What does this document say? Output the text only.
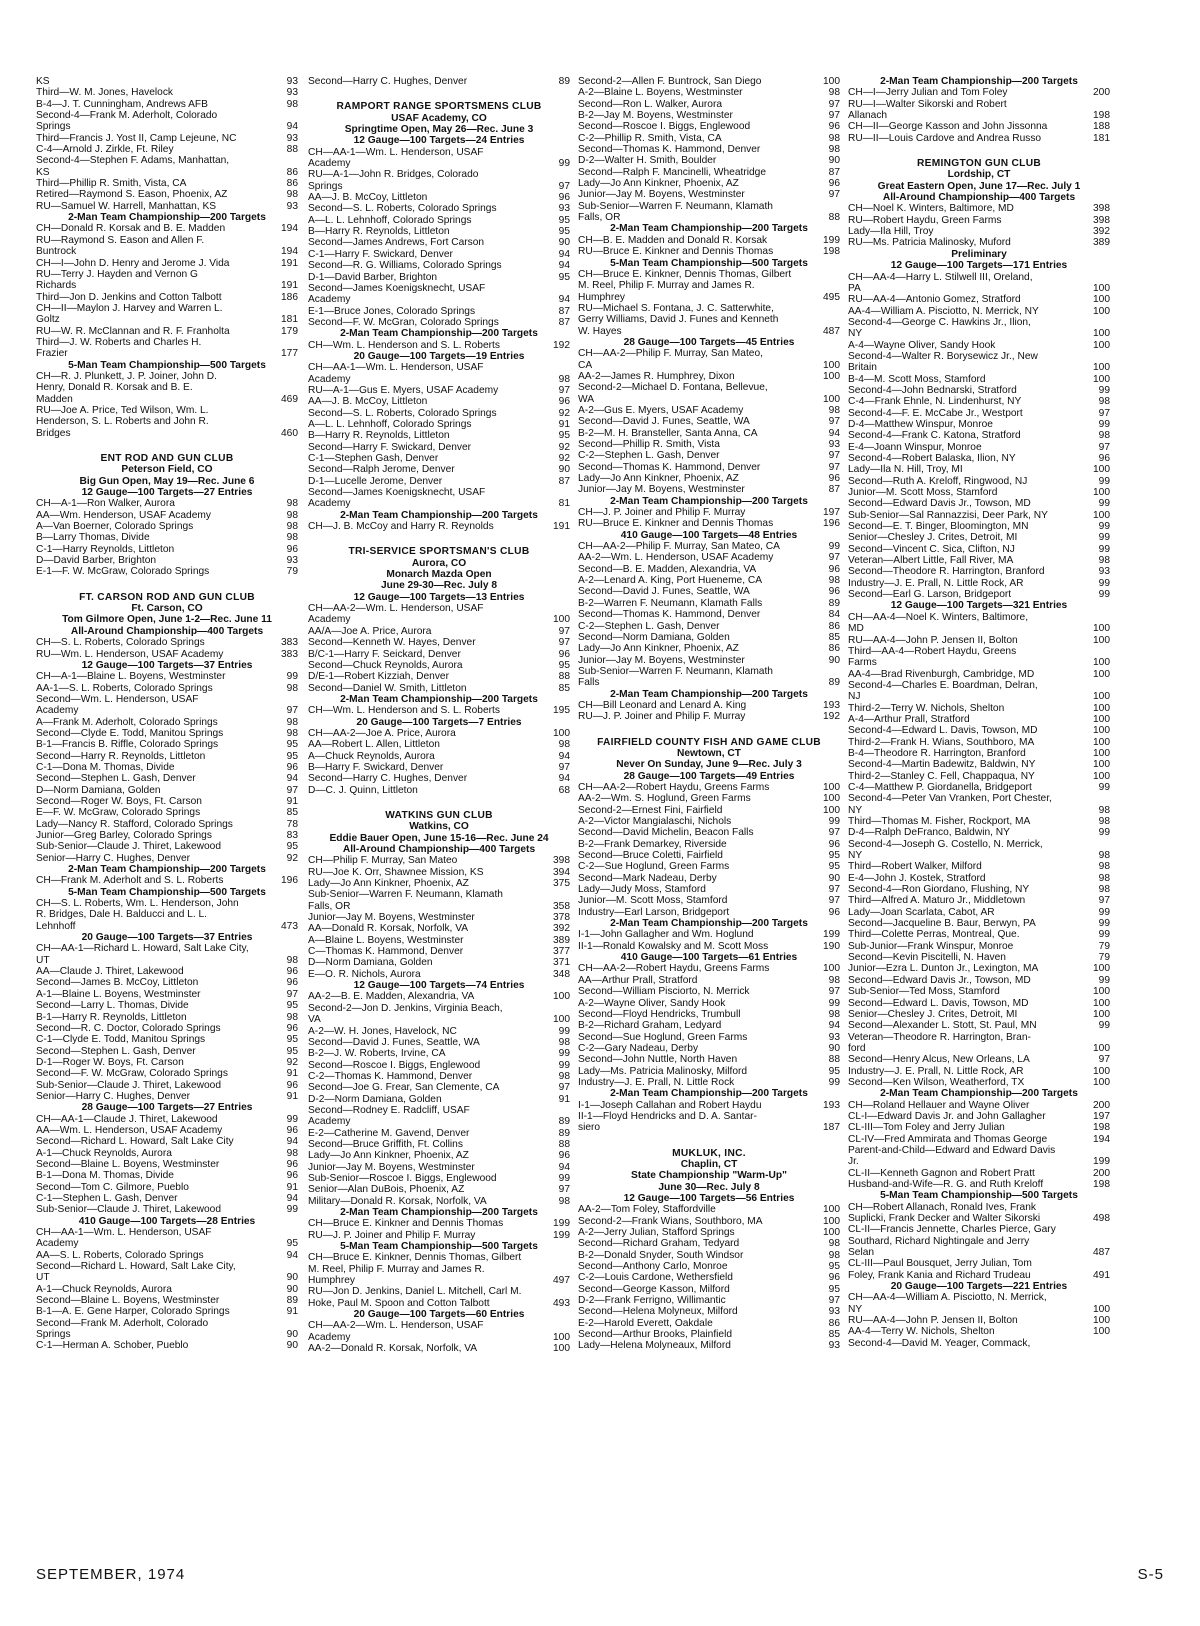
KS	93
Third—W. M. Jones, Havelock	93
B-4—J. T. Cunningham, Andrews AFB	98
Second-4—Frank M. Aderholt, Colorado
Springs	94
Third—Francis J. Yost II, Camp Lejeune, NC	93
C-4—Arnold J. Zirkle, Ft. Riley	88
Second-4—Stephen F. Adams, Manhattan,
KS	86
Third—Phillip R. Smith, Vista, CA	86
Retired—Raymond S. Eason, Phoenix, AZ	98
RU—Samuel W. Harrell, Manhattan, KS	93
2-Man Team Championship—200 Targets
CH—Donald R. Korsak and B. E. Madden	194
RU—Raymond S. Eason and Allen F.
Buntrock	194
CH—I—John D. Henry and Jerome J. Vida	191
RU—Terry J. Hayden and Vernon G
Richards	191
Third—Jon D. Jenkins and Cotton Talbott	186
CH—II—Maylon J. Harvey and Warren L.
Goltz	181
RU—W. R. McClannan and R. F. Franholta	179
Third—J. W. Roberts and Charles H.
Frazier	177
5-Man Team Championship—500 Targets
CH—R. J. Plunkett, J. P. Joiner, John D.
Henry, Donald R. Korsak and B. E.
Madden	469
RU—Joe A. Price, Ted Wilson, Wm. L.
Henderson, S. L. Roberts and John R.
Bridges	460
ENT ROD AND GUN CLUB
Peterson Field, CO
Big Gun Open, May 19—Rec. June 6
12 Gauge—100 Targets—27 Entries
CH—A-1—Ron Walker, Aurora	98
AA—Wm. Henderson, USAF Academy	98
A—Van Boerner, Colorado Springs	98
B—Larry Thomas, Divide	98
C-1—Harry Reynolds, Littleton	96
D—David Barber, Brighton	93
E-1—F. W. McGraw, Colorado Springs	79
FT. CARSON ROD AND GUN CLUB
Ft. Carson, CO
Tom Gilmore Open, June 1-2—Rec. June 11
All-Around Championship—400 Targets
CH—S. L. Roberts, Colorado Springs	383
RU—Wm. L. Henderson, USAF Academy	383
12 Gauge—100 Targets—37 Entries
CH—A-1—Blaine L. Boyens, Westminster	99
AA-1—S. L. Roberts, Colorado Springs	98
Second—Wm. L. Henderson, USAF
Academy	97
A—Frank M. Aderholt, Colorado Springs	98
Second—Clyde E. Todd, Manitou Springs	98
B-1—Francis B. Riffle, Colorado Springs	95
Second—Harry R. Reynolds, Littleton	95
C-1—Dona M. Thomas, Divide	96
Second—Stephen L. Gash, Denver	94
D—Norm Damiana, Golden	97
Second—Roger W. Boys, Ft. Carson	91
E—F. W. McGraw, Colorado Springs	85
Lady—Nancy R. Stafford, Colorado Springs	78
Junior—Greg Barley, Colorado Springs	83
Sub-Senior—Claude J. Thiret, Lakewood	95
Senior—Harry C. Hughes, Denver	92
2-Man Team Championship—200 Targets
CH—Frank M. Aderholt and S. L. Roberts	196
5-Man Team Championship—500 Targets
CH—S. L. Roberts, Wm. L. Henderson, John
R. Bridges, Dale H. Balducci and L. L.
Lehnhoff	473
20 Gauge—100 Targets—37 Entries
CH—AA-1—Richard L. Howard, Salt Lake City,
UT	98
AA—Claude J. Thiret, Lakewood	96
Second—James B. McCoy, Littleton	96
A-1—Blaine L. Boyens, Westminster	97
Second—Larry L. Thomas, Divide	95
B-1—Harry R. Reynolds, Littleton	98
Second—R. C. Doctor, Colorado Springs	96
C-1—Clyde E. Todd, Manitou Springs	95
Second—Stephen L. Gash, Denver	95
D-1—Roger W. Boys, Ft. Carson	92
Second—F. W. McGraw, Colorado Springs	91
Sub-Senior—Claude J. Thiret, Lakewood	96
Senior—Harry C. Hughes, Denver	91
28 Gauge—100 Targets—27 Entries
CH—AA-1—Claude J. Thiret, Lakewood	99
AA—Wm. L. Henderson, USAF Academy	96
Second—Richard L. Howard, Salt Lake City	94
A-1—Chuck Reynolds, Aurora	98
Second—Blaine L. Boyens, Westminster	96
B-1—Dona M. Thomas, Divide	96
Second—Tom C. Gilmore, Pueblo	91
C-1—Stephen L. Gash, Denver	94
Sub-Senior—Claude J. Thiret, Lakewood	99
410 Gauge—100 Targets—28 Entries
CH—AA-1—Wm. L. Henderson, USAF
Academy	95
AA—S. L. Roberts, Colorado Springs	94
Second—Richard L. Howard, Salt Lake City,
UT	90
A-1—Chuck Reynolds, Aurora	90
Second—Blaine L. Boyens, Westminster	89
B-1—A. E. Gene Harper, Colorado Springs	91
Second—Frank M. Aderholt, Colorado
Springs	90
C-1—Herman A. Schober, Pueblo	90
Second—Harry C. Hughes, Denver	89
RAMPORT RANGE SPORTSMENS CLUB
USAF Academy, CO
Springtime Open, May 26—Rec. June 3
12 Gauge—100 Targets—24 Entries
CH—AA-1—Wm. L. Henderson, USAF
Academy	99
RU—A-1—John R. Bridges, Colorado
Springs	97
AA—J. B. McCoy, Littleton	96
Second—S. L. Roberts, Colorado Springs	93
A—L. L. Lehnhoff, Colorado Springs	95
B—Harry R. Reynolds, Littleton	95
Second—James Andrews, Fort Carson	90
C-1—Harry F. Swickard, Denver	94
Second—R. G. Williams, Colorado Springs	94
D-1—David Barber, Brighton	95
Second—James Koenigsknecht, USAF
Academy	94
E-1—Bruce Jones, Colorado Springs	87
Second—F. W. McGran, Colorado Springs	87
2-Man Team Championship—200 Targets
CH—Wm. L. Henderson and S. L. Roberts	192
20 Gauge—100 Targets—19 Entries
CH—AA-1—Wm. L. Henderson, USAF
Academy	98
RU—A-1—Gus E. Myers, USAF Academy	97
AA—J. B. McCoy, Littleton	96
Second—S. L. Roberts, Colorado Springs	92
A—L. L. Lehnhoff, Colorado Springs	91
B—Harry R. Reynolds, Littleton	95
Second—Harry F. Swickard, Denver	92
C-1—Stephen Gash, Denver	92
Second—Ralph Jerome, Denver	90
D-1—Lucelle Jerome, Denver	87
Second—James Koenigsknecht, USAF
Academy	81
2-Man Team Championship—200 Targets
CH—J. B. McCoy and Harry R. Reynolds	191
TRI-SERVICE SPORTSMAN'S CLUB
Aurora, CO
Monarch Mazda Open
June 29-30—Rec. July 8
12 Gauge—100 Targets—13 Entries
CH—AA-2—Wm. L. Henderson, USAF
Academy	100
AA/A—Joe A. Price, Aurora	97
Second—Kenneth W. Hayes, Denver	97
B/C-1—Harry F. Seickard, Denver	96
Second—Chuck Reynolds, Aurora	95
D/E-1—Robert Kizziah, Denver	88
Second—Daniel W. Smith, Littleton	85
2-Man Team Championship—200 Targets
CH—Wm. L. Henderson and S. L. Roberts	195
20 Gauge—100 Targets—7 Entries
CH—AA-2—Joe A. Price, Aurora	100
AA—Robert L. Allen, Littleton	98
A—Chuck Reynolds, Aurora	94
B—Harry F. Swickard, Denver	97
Second—Harry C. Hughes, Denver	94
D—C. J. Quinn, Littleton	68
WATKINS GUN CLUB
Watkins, CO
Eddie Bauer Open, June 15-16—Rec. June 24
All-Around Championship—400 Targets
CH—Philip F. Murray, San Mateo	398
RU—Joe K. Orr, Shawnee Mission, KS	394
Lady—Jo Ann Kinkner, Phoenix, AZ	375
Sub-Senior—Warren F. Neumann, Klamath
Falls, OR	358
Junior—Jay M. Boyens, Westminster	378
AA—Donald R. Korsak, Norfolk, VA	392
A—Blaine L. Boyens, Westminster	389
C—Thomas K. Hammond, Denver	377
D—Norm Damiana, Golden	371
E—O. R. Nichols, Aurora	348
12 Gauge—100 Targets—74 Entries
AA-2—B. E. Madden, Alexandria, VA	100
Second-2—Jon D. Jenkins, Virginia Beach,
VA	100
A-2—W. H. Jones, Havelock, NC	99
Second—David J. Funes, Seattle, WA	98
B-2—J. W. Roberts, Irvine, CA	99
Second—Roscoe I. Biggs, Englewood	99
C-2—Thomas K. Hammond, Denver	98
Second—Joe G. Frear, San Clemente, CA	97
D-2—Norm Damiana, Golden	91
Second—Rodney E. Radcliff, USAF
Academy	89
E-2—Catherine M. Gavend, Denver	89
Second—Bruce Griffith, Ft. Collins	88
Lady—Jo Ann Kinkner, Phoenix, AZ	96
Junior—Jay M. Boyens, Westminster	94
Sub-Senior—Roscoe I. Biggs, Englewood	99
Senior—Alan DuBois, Phoenix, AZ	97
Military—Donald R. Korsak, Norfolk, VA	98
2-Man Team Championship—200 Targets
CH—Bruce E. Kinkner and Dennis Thomas	199
RU—J. P. Joiner and Philip F. Murray	199
5-Man Team Championship—500 Targets
CH—Bruce E. Kinkner, Dennis Thomas, Gilbert
M. Reel, Philip F. Murray and James R.
Humphrey	497
RU—Jon D. Jenkins, Daniel L. Mitchell, Carl M.
Hoke, Paul M. Spoon and Cotton Talbott	493
20 Gauge—100 Targets—60 Entries
CH—AA-2—Wm. L. Henderson, USAF
Academy	100
AA-2—Donald R. Korsak, Norfolk, VA	100
Second-2—Allen F. Buntrock, San Diego	100
A-2—Blaine L. Boyens, Westminster	98
Second—Ron L. Walker, Aurora	97
B-2—Jay M. Boyens, Westminster	97
Second—Roscoe I. Biggs, Englewood	96
C-2—Phillip R. Smith, Vista, CA	98
Second—Thomas K. Hammond, Denver	98
D-2—Walter H. Smith, Boulder	90
Second—Ralph F. Mancinelli, Wheatridge	87
Lady—Jo Ann Kinkner, Phoenix, AZ	96
Junior—Jay M. Boyens, Westminster	97
Sub-Senior—Warren F. Neumann, Klamath
Falls, OR	88
2-Man Team Championship—200 Targets
CH—B. E. Madden and Donald R. Korsak	199
RU—Bruce E. Kinkner and Dennis Thomas	198
5-Man Team Championship—500 Targets
CH—Bruce E. Kinkner, Dennis Thomas, Gilbert
M. Reel, Philip F. Murray and James R.
Humphrey	495
RU—Michael S. Fontana, J. C. Satterwhite,
Gerry Williams, David J. Funes and Kenneth
W. Hayes	487
28 Gauge—100 Targets—45 Entries
CH—AA-2—Philip F. Murray, San Mateo,
CA	100
AA-2—James R. Humphrey, Dixon	100
Second-2—Michael D. Fontana, Bellevue,
WA	100
A-2—Gus E. Myers, USAF Academy	98
Second—David J. Funes, Seattle, WA	97
B-2—M. H. Bransteller, Santa Anna, CA	94
Second—Phillip R. Smith, Vista	93
C-2—Stephen L. Gash, Denver	97
Second—Thomas K. Hammond, Denver	97
Lady—Jo Ann Kinkner, Phoenix, AZ	96
Junior—Jay M. Boyens, Westminster	87
2-Man Team Championship—200 Targets
CH—J. P. Joiner and Philip F. Murray	197
RU—Bruce E. Kinkner and Dennis Thomas	196
410 Gauge—100 Targets—48 Entries
CH—AA-2—Philip F. Murray, San Mateo, CA	99
AA-2—Wm. L. Henderson, USAF Academy	97
Second—B. E. Madden, Alexandria, VA	96
A-2—Lenard A. King, Port Hueneme, CA	98
Second—David J. Funes, Seattle, WA	96
B-2—Warren F. Neumann, Klamath Falls	89
Second—Thomas K. Hammond, Denver	84
C-2—Stephen L. Gash, Denver	86
Second—Norm Damiana, Golden	85
Lady—Jo Ann Kinkner, Phoenix, AZ	86
Junior—Jay M. Boyens, Westminster	90
Sub-Senior—Warren F. Neumann, Klamath
Falls	89
2-Man Team Championship—200 Targets
CH—Bill Leonard and Lenard A. King	193
RU—J. P. Joiner and Philip F. Murray	192
FAIRFIELD COUNTY FISH AND GAME CLUB
Newtown, CT
Never On Sunday, June 9—Rec. July 3
28 Gauge—100 Targets—49 Entries
CH—AA-2—Robert Haydu, Greens Farms	100
AA-2—Wm. S. Hoglund, Green Farms	100
Second-2—Ernest Fini, Fairfield	100
A-2—Victor Mangialaschi, Nichols	99
Second—David Michelin, Beacon Falls	97
B-2—Frank Demarkey, Riverside	96
Second—Bruce Coletti, Fairfield	95
C-2—Sue Hoglund, Green Farms	95
Second—Mark Nadeau, Derby	90
Lady—Judy Moss, Stamford	97
Junior—M. Scott Moss, Stamford	97
Industry—Earl Larson, Bridgeport	96
2-Man Team Championship—200 Targets
I-1—John Gallagher and Wm. Hoglund	199
II-1—Ronald Kowalsky and M. Scott Moss	190
410 Gauge—100 Targets—61 Entries
CH—AA-2—Robert Haydu, Greens Farms	100
AA—Arthur Prall, Stratford	98
Second—William Pisciorto, N. Merrick	97
A-2—Wayne Oliver, Sandy Hook	99
Second—Floyd Hendricks, Trumbull	98
B-2—Richard Graham, Ledyard	94
Second—Sue Hoglund, Green Farms	93
C-2—Gary Nadeau, Derby	90
Second—John Nuttle, North Haven	88
Lady—Ms. Patricia Malinosky, Milford	95
Industry—J. E. Prall, N. Little Rock	99
2-Man Team Championship—200 Targets
I-1—Joseph Callahan and Robert Haydu	193
II-1—Floyd Hendricks and D. A. Santar-
siero	187
MUKLUK, INC.
Chaplin, CT
State Championship "Warm-Up"
June 30—Rec. July 8
12 Gauge—100 Targets—56 Entries
AA-2—Tom Foley, Staffordville	100
Second-2—Frank Wians, Southboro, MA	100
A-2—Jerry Julian, Stafford Springs	100
Second—Richard Graham, Tedyard	98
B-2—Donald Snyder, South Windsor	98
Second—Anthony Carlo, Monroe	95
C-2—Louis Cardone, Wethersfield	96
Second—George Kasson, Milford	95
D-2—Frank Ferrigno, Willimantic	97
Second—Helena Molyneux, Milford	93
E-2—Harold Everett, Oakdale	86
Second—Arthur Brooks, Plainfield	85
Lady—Helena Molyneaux, Milford	93
2-Man Team Championship—200 Targets
CH—I—Jerry Julian and Tom Foley	200
RU—I—Walter Sikorski and Robert
Allanach	198
CH—II—George Kasson and John Jissonna	188
RU—II—Louis Cardove and Andrea Russo	181
REMINGTON GUN CLUB
Lordship, CT
Great Eastern Open, June 17—Rec. July 1
All-Around Championship—400 Targets
CH—Noel K. Winters, Baltimore, MD	398
RU—Robert Haydu, Green Farms	398
Lady—Ila Hill, Troy	392
RU—Ms. Patricia Malinosky, Muford	389
Preliminary
12 Gauge—100 Targets—171 Entries
CH—AA-4—Harry L. Stilwell III, Oreland,
PA	100
RU—AA-4—Antonio Gomez, Stratford	100
AA-4—William A. Pisciotto, N. Merrick, NY	100
Second-4—George C. Hawkins Jr., Ilion,
NY	100
A-4—Wayne Oliver, Sandy Hook	100
Second-4—Walter R. Borysewicz Jr., New
Britain	100
B-4—M. Scott Moss, Stamford	100
Second-4—John Bednarski, Stratford	99
C-4—Frank Ehnle, N. Lindenhurst, NY	98
Second-4—F. E. McCabe Jr., Westport	97
D-4—Matthew Winspur, Monroe	99
Second-4—Frank C. Katona, Stratford	98
E-4—Joann Winspur, Monroe	97
Second-4—Robert Balaska, Ilion, NY	96
Lady—Ila N. Hill, Troy, MI	100
Second—Ruth A. Kreloff, Ringwood, NJ	99
Junior—M. Scott Moss, Stamford	100
Second—Edward Davis Jr., Towson, MD	99
Sub-Senior—Sal Rannazzisi, Deer Park, NY	100
Second—E. T. Binger, Bloomington, MN	99
Senior—Chesley J. Crites, Detroit, MI	99
Second—Vincent C. Sica, Clifton, NJ	99
Veteran—Albert Little, Fall River, MA	98
Second—Theodore R. Harrington, Branford	93
Industry—J. E. Prall, N. Little Rock, AR	99
Second—Earl G. Larson, Bridgeport	99
12 Gauge—100 Targets—321 Entries
CH—AA-4—Noel K. Winters, Baltimore,
MD	100
RU—AA-4—John P. Jensen II, Bolton	100
Third—AA-4—Robert Haydu, Greens
Farms	100
AA-4—Brad Rivenburgh, Cambridge, MD	100
Second-4—Charles E. Boardman, Delran,
NJ	100
Third-2—Terry W. Nichols, Shelton	100
A-4—Arthur Prall, Stratford	100
Second-4—Edward L. Davis, Towson, MD	100
Third-2—Frank H. Wians, Southboro, MA	100
B-4—Theodore R. Harrington, Branford	100
Second-4—Martin Badewitz, Baldwin, NY	100
Third-2—Stanley C. Fell, Chappaqua, NY	100
C-4—Matthew P. Giordanella, Bridgeport	99
Second-4—Peter Van Vranken, Port Chester,
NY	98
Third—Thomas M. Fisher, Rockport, MA	98
D-4—Ralph DeFranco, Baldwin, NY	99
Second-4—Joseph G. Costello, N. Merrick,
NY	98
Third—Robert Walker, Milford	98
E-4—John J. Kostek, Stratford	98
Second-4—Ron Giordano, Flushing, NY	98
Third—Alfred A. Maturo Jr., Middletown	97
Lady—Joan Scarlata, Cabot, AR	99
Second—Jacqueline B. Baur, Berwyn, PA	99
Third—Colette Perras, Montreal, Que.	99
Sub-Junior—Frank Winspur, Monroe	79
Second—Kevin Piscitelli, N. Haven	79
Junior—Ezra L. Dunton Jr., Lexington, MA	100
Second—Edward Davis Jr., Towson, MD	99
Sub-Senior—Ted Moss, Stamford	100
Second—Edward L. Davis, Towson, MD	100
Senior—Chesley J. Crites, Detroit, MI	100
Second—Alexander L. Stott, St. Paul, MN	99
Veteran—Theodore R. Harrington, Bran-
ford	100
Second—Henry Alcus, New Orleans, LA	97
Industry—J. E. Prall, N. Little Rock, AR	100
Second—Ken Wilson, Weatherford, TX	100
2-Man Team Championship—200 Targets
CH—Roland Hellauer and Wayne Oliver	200
CL-I—Edward Davis Jr. and John Gallagher	197
CL-III—Tom Foley and Jerry Julian	198
CL-IV—Fred Ammirata and Thomas George	194
Parent-and-Child—Edward and Edward Davis
Jr.	199
CL-II—Kenneth Gagnon and Robert Pratt	200
Husband-and-Wife—R. G. and Ruth Kreloff	198
5-Man Team Championship—500 Targets
CH—Robert Allanach, Ronald Ives, Frank
Suplicki, Frank Decker and Walter Sikorski	498
CL-II—Francis Jennette, Charles Pierce, Gary
Southard, Richard Nightingale and Jerry
Selan	487
CL-III—Paul Bousquet, Jerry Julian, Tom
Foley, Frank Kania and Richard Trudeau	491
20 Gauge—100 Targets—221 Entries
CH—AA-4—William A. Pisciotto, N. Merrick,
NY	100
RU—AA-4—John P. Jensen II, Bolton	100
AA-4—Terry W. Nichols, Shelton	100
Second-4—David M. Yeager, Commack,
SEPTEMBER, 1974	S-5
